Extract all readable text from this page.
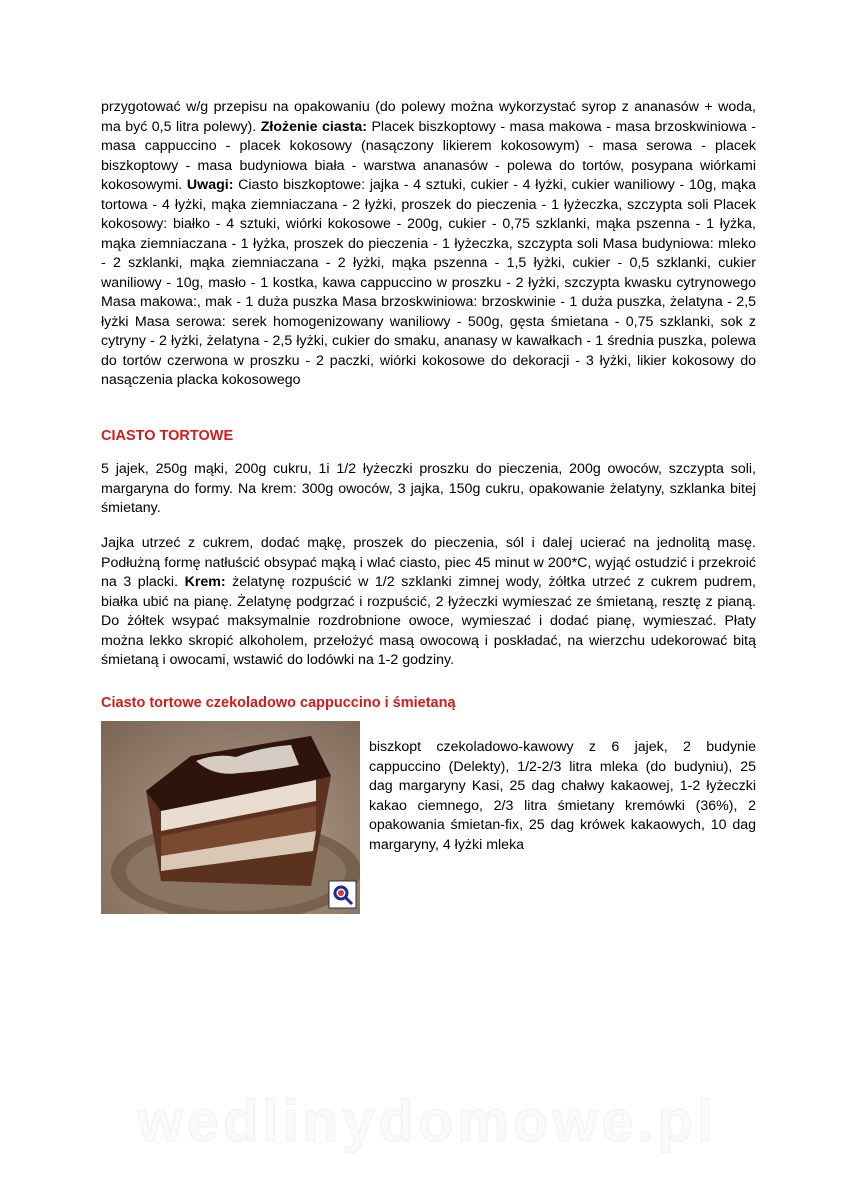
przygotować w/g przepisu na opakowaniu (do polewy można wykorzystać syrop z ananasów + woda, ma być 0,5 litra polewy). Złożenie ciasta: Placek biszkoptowy - masa makowa - masa brzoskwiniowa - masa cappuccino - placek kokosowy (nasączony likierem kokosowym) - masa serowa - placek biszkoptowy - masa budyniowa biała - warstwa ananasów - polewa do tortów, posypana wiórkami kokosowymi. Uwagi: Ciasto biszkoptowe: jajka - 4 sztuki, cukier - 4 łyżki, cukier waniliowy - 10g, mąka tortowa - 4 łyżki, mąka ziemniaczana - 2 łyżki, proszek do pieczenia - 1 łyżeczka, szczypta soli Placek kokosowy: białko - 4 sztuki, wiórki kokosowe - 200g, cukier - 0,75 szklanki, mąka pszenna - 1 łyżka, mąka ziemniaczana - 1 łyżka, proszek do pieczenia - 1 łyżeczka, szczypta soli Masa budyniowa: mleko - 2 szklanki, mąka ziemniaczana - 2 łyżki, mąka pszenna - 1,5 łyżki, cukier - 0,5 szklanki, cukier waniliowy - 10g, masło - 1 kostka, kawa cappuccino w proszku - 2 łyżki, szczypta kwasku cytrynowego Masa makowa:, mak - 1 duża puszka Masa brzoskwiniowa: brzoskwinie - 1 duża puszka, żelatyna - 2,5 łyżki Masa serowa: serek homogenizowany waniliowy - 500g, gęsta śmietana - 0,75 szklanki, sok z cytryny - 2 łyżki, żelatyna - 2,5 łyżki, cukier do smaku, ananasy w kawałkach - 1 średnia puszka, polewa do tortów czerwona w proszku - 2 paczki, wiórki kokosowe do dekoracji - 3 łyżki, likier kokosowy do nasączenia placka kokosowego

CIASTO TORTOWE

5 jajek, 250g mąki, 200g cukru, 1i 1/2 łyżeczki proszku do pieczenia, 200g owoców, szczypta soli, margaryna do formy. Na krem: 300g owoców, 3 jajka, 150g cukru, opakowanie żelatyny, szklanka bitej śmietany.

Jajka utrzeć z cukrem, dodać mąkę, proszek do pieczenia, sól i dalej ucierać na jednolitą masę. Podłużną formę natłuścić obsypać mąką i wlać ciasto, piec 45 minut w 200*C, wyjąć ostudzić i przekroić na 3 placki. Krem: żelatynę rozpuścić w 1/2 szklanki zimnej wody, żółtka utrzeć z cukrem pudrem, białka ubić na pianę. Żelatynę podgrzać i rozpuścić, 2 łyżeczki wymieszać ze śmietaną, resztę z pianą. Do żółtek wsypać maksymalnie rozdrobnione owoce, wymieszać i dodać pianę, wymieszać. Płaty można lekko skropić alkoholem, przełożyć masą owocową i poskładać, na wierzchu udekorować bitą śmietaną i owocami, wstawić do lodówki na 1-2 godziny.

Ciasto tortowe czekoladowo cappuccino i śmietaną

biszkopt czekoladowo-kawowy z 6 jajek, 2 budynie cappuccino (Delekty), 1/2-2/3 litra mleka (do budyniu), 25 dag margaryny Kasi, 25 dag chałwy kakaowej, 1-2 łyżeczki kakao ciemnego, 2/3 litra śmietany kremówki (36%), 2 opakowania śmietan-fix, 25 dag krówek kakaowych, 10 dag margaryny, 4 łyżki mleka

wedlinydomowe.pl
